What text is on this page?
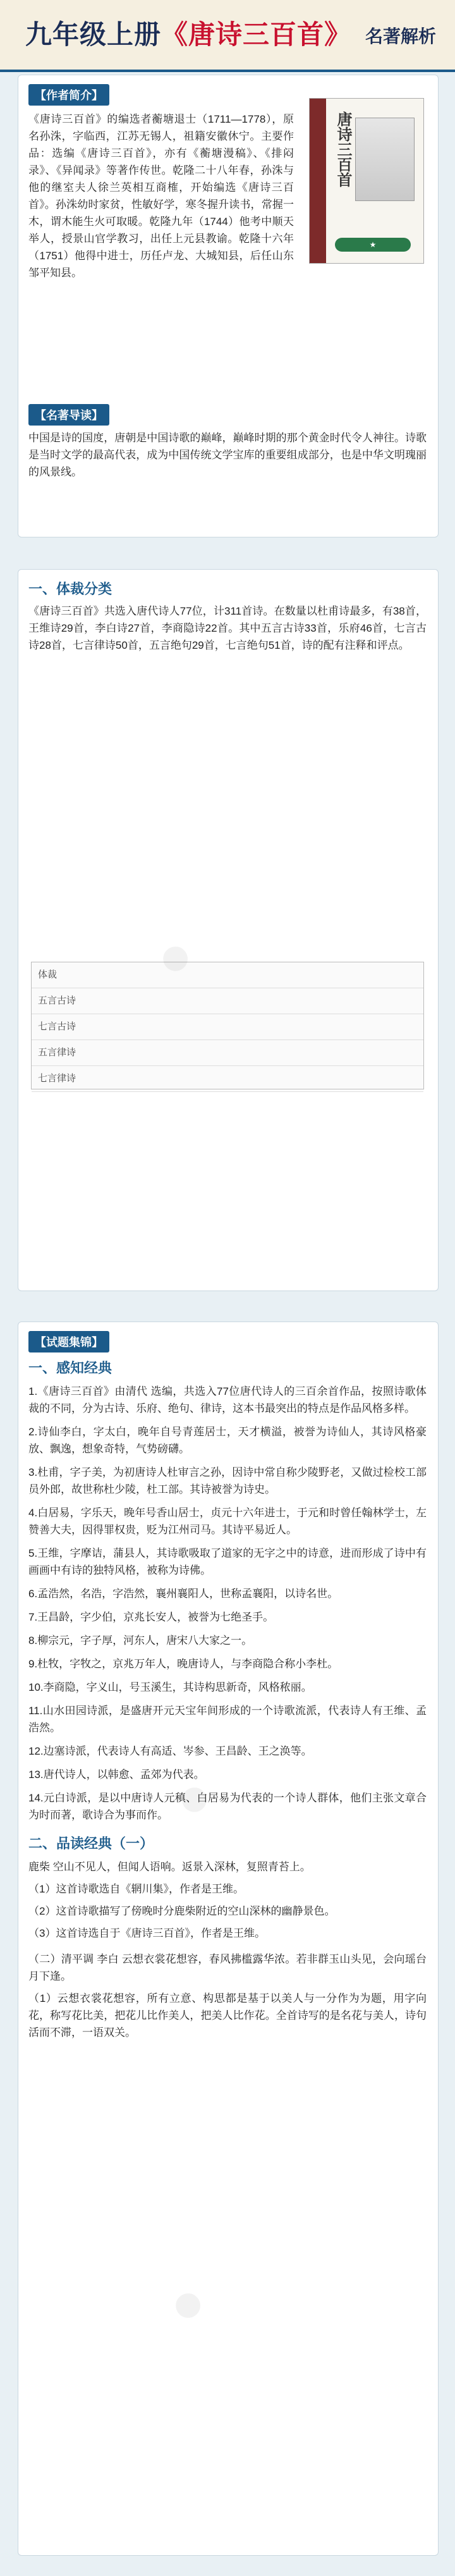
九年级上册《唐诗三百首》 名著解析
【作者简介】
《唐诗三百首》的编选者蘅塘退士（1711—1778），原名孙洙，字临西，江苏无锡人，祖籍安徽休宁。主要作品：选编《唐诗三百首》，亦有《蘅塘漫稿》、《排闷录》、《异闻录》等著作传世。乾隆二十八年春，孙洙与他的继室夫人徐兰英相互商榷，开始编选《唐诗三百首》。孙洙幼时家贫，性敏好学，寒冬握升读书，常握一木，谓木能生火可取暖。乾隆九年（1744）他考中顺天举人，授景山官学教习，出任上元县教谕。乾隆十六年（1751）他得中进士，历任卢龙、大城知县，后任山东邹平知县。
唐诗三百首
★
【名著导读】
中国是诗的国度，唐朝是中国诗歌的巅峰，巅峰时期的那个黄金时代令人神往。诗歌是当时文学的最高代表，成为中国传统文学宝库的重要组成部分，也是中华文明瑰丽的风景线。
一、体裁分类
《唐诗三百首》共选入唐代诗人77位，计311首诗。在数量以杜甫诗最多，有38首，王维诗29首，李白诗27首，李商隐诗22首。其中五言古诗33首，乐府46首，七言古诗28首，七言律诗50首，五言绝句29首，七言绝句51首，诗的配有注释和评点。
体裁
五言古诗
七言古诗
五言律诗
七言律诗
●
【试题集锦】
一、感知经典
1.《唐诗三百首》由清代 选编，共选入77位唐代诗人的三百余首作品，按照诗歌体裁的不同，分为古诗、乐府、绝句、律诗，这本书最突出的特点是作品风格多样。
2.诗仙李白，字太白，晚年自号青莲居士，天才横溢，被誉为诗仙人，其诗风格豪放、飘逸，想象奇特，气势磅礴。
3.杜甫，字子美，为初唐诗人杜审言之孙，因诗中常自称少陵野老，又做过检校工部员外郎，故世称杜少陵，杜工部。其诗被誉为诗史。
4.白居易，字乐天，晚年号香山居士，贞元十六年进士，于元和时曾任翰林学士，左赞善大夫，因得罪权贵，贬为江州司马。其诗平易近人。
5.王维，字摩诘，蒲县人，其诗歌吸取了道家的无字之中的诗意，进而形成了诗中有画画中有诗的独特风格，被称为诗佛。
6.孟浩然，名浩，字浩然，襄州襄阳人，世称孟襄阳，以诗名世。
7.王昌龄，字少伯，京兆长安人，被誉为七绝圣手。
8.柳宗元，字子厚，河东人，唐宋八大家之一。
9.杜牧，字牧之，京兆万年人，晚唐诗人，与李商隐合称小李杜。
10.李商隐，字义山，号玉溪生，其诗构思新奇，风格秾丽。
11.山水田园诗派，是盛唐开元天宝年间形成的一个诗歌流派，代表诗人有王维、孟浩然。
12.边塞诗派，代表诗人有高适、岑参、王昌龄、王之涣等。
13.唐代诗人，以韩愈、孟郊为代表。
14.元白诗派，是以中唐诗人元稹、白居易为代表的一个诗人群体，他们主张文章合为时而著，歌诗合为事而作。
二、品读经典（一）
鹿柴 空山不见人，但闻人语响。返景入深林，复照青苔上。
（1）这首诗歌选自《辋川集》，作者是王维。
（2）这首诗歌描写了傍晚时分鹿柴附近的空山深林的幽静景色。
（3）这首诗选自于《唐诗三百首》，作者是王维。
（二）清平调 李白 云想衣裳花想容，春风拂槛露华浓。若非群玉山头见，会向瑶台月下逢。
（1）云想衣裳花想容，所有立意、构思都是基于以美人与一分作为为题，用字向花，称写花比美，把花儿比作美人，把美人比作花。全首诗写的是名花与美人，诗句活而不滞，一语双关。
●
●
